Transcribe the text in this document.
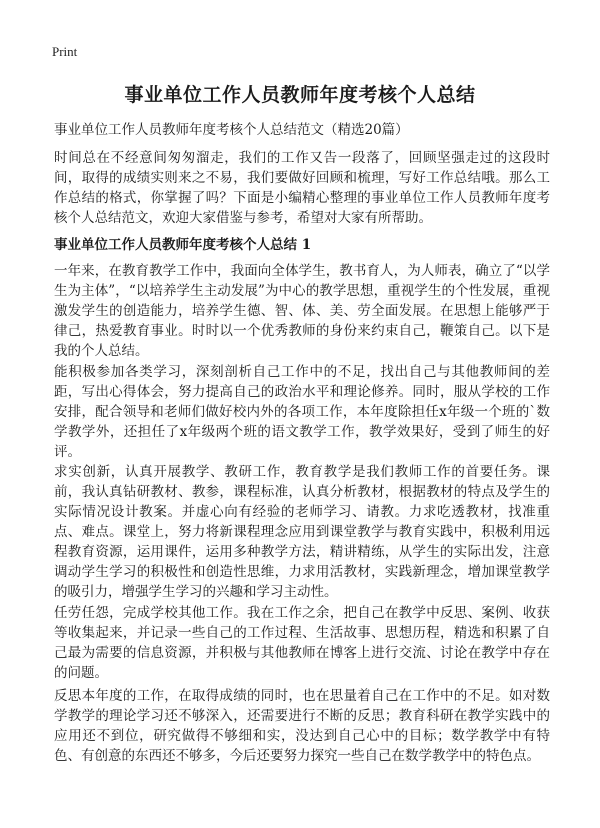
Print
事业单位工作人员教师年度考核个人总结
事业单位工作人员教师年度考核个人总结范文（精选20篇）

时间总在不经意间匆匆溜走，我们的工作又告一段落了，回顾坚强走过的这段时间，取得的成绩实则来之不易，我们要做好回顾和梳理，写好工作总结哦。那么工作总结的格式，你掌握了吗？下面是小编精心整理的事业单位工作人员教师年度考核个人总结范文，欢迎大家借鉴与参考，希望对大家有所帮助。

事业单位工作人员教师年度考核个人总结 1

一年来，在教育教学工作中，我面向全体学生，教书育人，为人师表，确立了“以学生为主体”，“以培养学生主动发展”为中心的教学思想，重视学生的个性发展，重视激发学生的创造能力，培养学生德、智、体、美、劳全面发展。在思想上能够严于律己，热爱教育事业。时时以一个优秀教师的身份来约束自己，鞭策自己。以下是我的个人总结。

能积极参加各类学习，深刻剖析自己工作中的不足，找出自己与其他教师间的差距，写出心得体会，努力提高自己的政治水平和理论修养。同时，服从学校的工作安排，配合领导和老师们做好校内外的各项工作，本年度除担任x年级一个班的`数学教学外，还担任了x年级两个班的语文教学工作，教学效果好，受到了师生的好评。

求实创新，认真开展教学、教研工作，教育教学是我们教师工作的首要任务。课前，我认真钻研教材、教参，课程标准，认真分析教材，根据教材的特点及学生的实际情况设计教案。并虚心向有经验的老师学习、请教。力求吃透教材，找准重点、难点。课堂上，努力将新课程理念应用到课堂教学与教育实践中，积极利用远程教育资源，运用课件，运用多种教学方法，精讲精练，从学生的实际出发，注意调动学生学习的积极性和创造性思维，力求用活教材，实践新理念，增加课堂教学的吸引力，增强学生学习的兴趣和学习主动性。

任劳任怨，完成学校其他工作。我在工作之余，把自己在教学中反思、案例、收获等收集起来，并记录一些自己的工作过程、生活故事、思想历程，精选和积累了自己最为需要的信息资源，并积极与其他教师在博客上进行交流、讨论在教学中存在的问题。

反思本年度的工作，在取得成绩的同时，也在思量着自己在工作中的不足。如对数学教学的理论学习还不够深入，还需要进行不断的反思；教育科研在教学实践中的应用还不到位，研究做得不够细和实，没达到自己心中的目标；数学教学中有特色、有创意的东西还不够多，今后还要努力探究一些自己在数学教学中的特色点。
